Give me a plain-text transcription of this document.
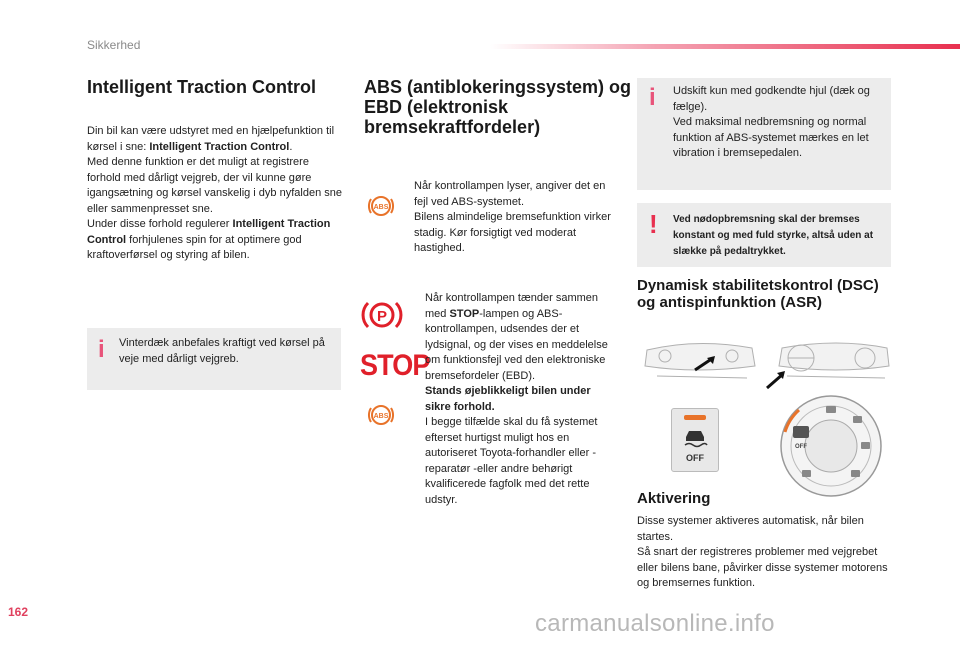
Sikkerhed
Intelligent Traction Control

Din bil kan være udstyret med en hjælpefunktion til kørsel i sne: Intelligent Traction Control.
Med denne funktion er det muligt at registrere forhold med dårligt vejgreb, der vil kunne gøre igangsætning og kørsel vanskelig i dyb nyfalden sne eller sammenpresset sne.
Under disse forhold regulerer Intelligent Traction Control forhjulenes spin for at optimere god kraftoverførsel og styring af bilen.

i Vinterdæk anbefales kraftigt ved kørsel på veje med dårligt vejgreb.
ABS (antiblokeringssystem) og EBD (elektronisk bremsekraftfordeler)
ABS

Når kontrollampen lyser, angiver det en fejl ved ABS-systemet.
Bilens almindelige bremsefunktion virker stadig. Kør forsigtigt ved moderat hastighed.

P
STOP
ABS

Når kontrollampen tænder sammen med STOP-lampen og ABS-kontrollampen, udsendes der et lydsignal, og der vises en meddelelse om funktionsfejl ved den elektroniske bremsefordeler (EBD).
Stands øjeblikkeligt bilen under sikre forhold.
I begge tilfælde skal du få systemet efterset hurtigst muligt hos en autoriseret Toyota-forhandler eller -reparatør -eller andre behørigt kvalificerede fagfolk med det rette udstyr.

i Udskift kun med godkendte hjul (dæk og fælge).
Ved maksimal nedbremsning og normal funktion af ABS-systemet mærkes en let vibration i bremsepedalen.
! Ved nødopbremsning skal der bremses konstant og med fuld styrke, altså uden at slække på pedaltrykket.
Dynamisk stabilitetskontrol (DSC) og antispinfunktion (ASR)
OFF
OFF
Aktivering

Disse systemer aktiveres automatisk, når bilen startes.
Så snart der registreres problemer med vejgrebet eller bilens bane, påvirker disse systemer motorens og bremsernes funktion.

162	carmanualsonline.info
